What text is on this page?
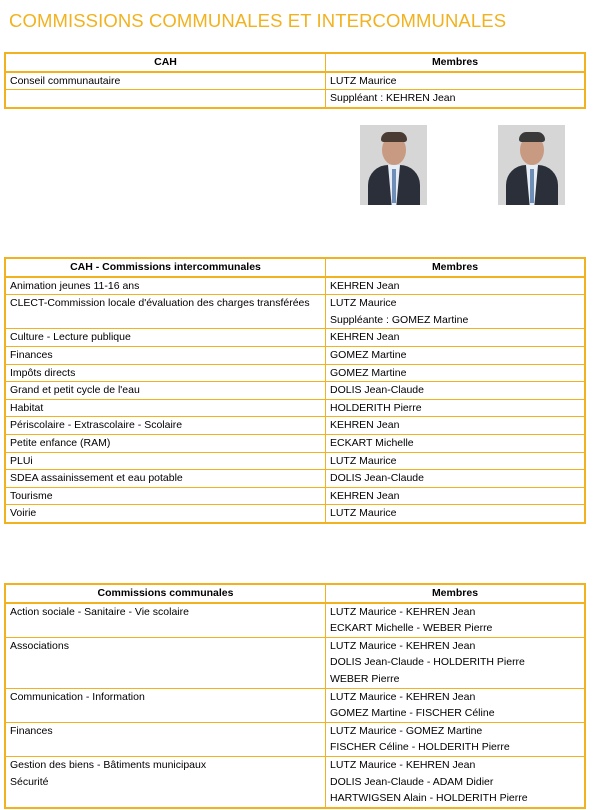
COMMISSIONS COMMUNALES ET INTERCOMMUNALES
CAH	Membres

Conseil communautaire	LUTZ Maurice

	Suppléant : KEHREN Jean
CAH - Commissions intercommunales	Membres

Animation jeunes 11-16 ans	KEHREN Jean

CLECT-Commission locale d'évaluation des charges transférées	LUTZ Maurice
Suppléante : GOMEZ Martine

Culture - Lecture publique	KEHREN Jean

Finances	GOMEZ Martine

Impôts directs	GOMEZ Martine

Grand et petit cycle de l'eau	DOLIS Jean-Claude

Habitat	HOLDERITH Pierre

Périscolaire - Extrascolaire - Scolaire	KEHREN Jean

Petite enfance (RAM)	ECKART Michelle

PLUi	LUTZ Maurice

SDEA assainissement et eau potable	DOLIS Jean-Claude

Tourisme	KEHREN Jean

Voirie	LUTZ Maurice
Commissions communales	Membres

Action sociale - Sanitaire - Vie scolaire	LUTZ Maurice - KEHREN Jean
ECKART Michelle - WEBER Pierre

Associations	LUTZ Maurice - KEHREN Jean
DOLIS Jean-Claude - HOLDERITH Pierre
WEBER Pierre

Communication - Information	LUTZ Maurice - KEHREN Jean
GOMEZ Martine - FISCHER Céline

Finances	LUTZ Maurice - GOMEZ Martine
FISCHER Céline - HOLDERITH Pierre

Gestion des biens - Bâtiments municipaux
Sécurité	LUTZ Maurice - KEHREN Jean
DOLIS Jean-Claude - ADAM Didier
HARTWIGSEN Alain - HOLDERITH Pierre
